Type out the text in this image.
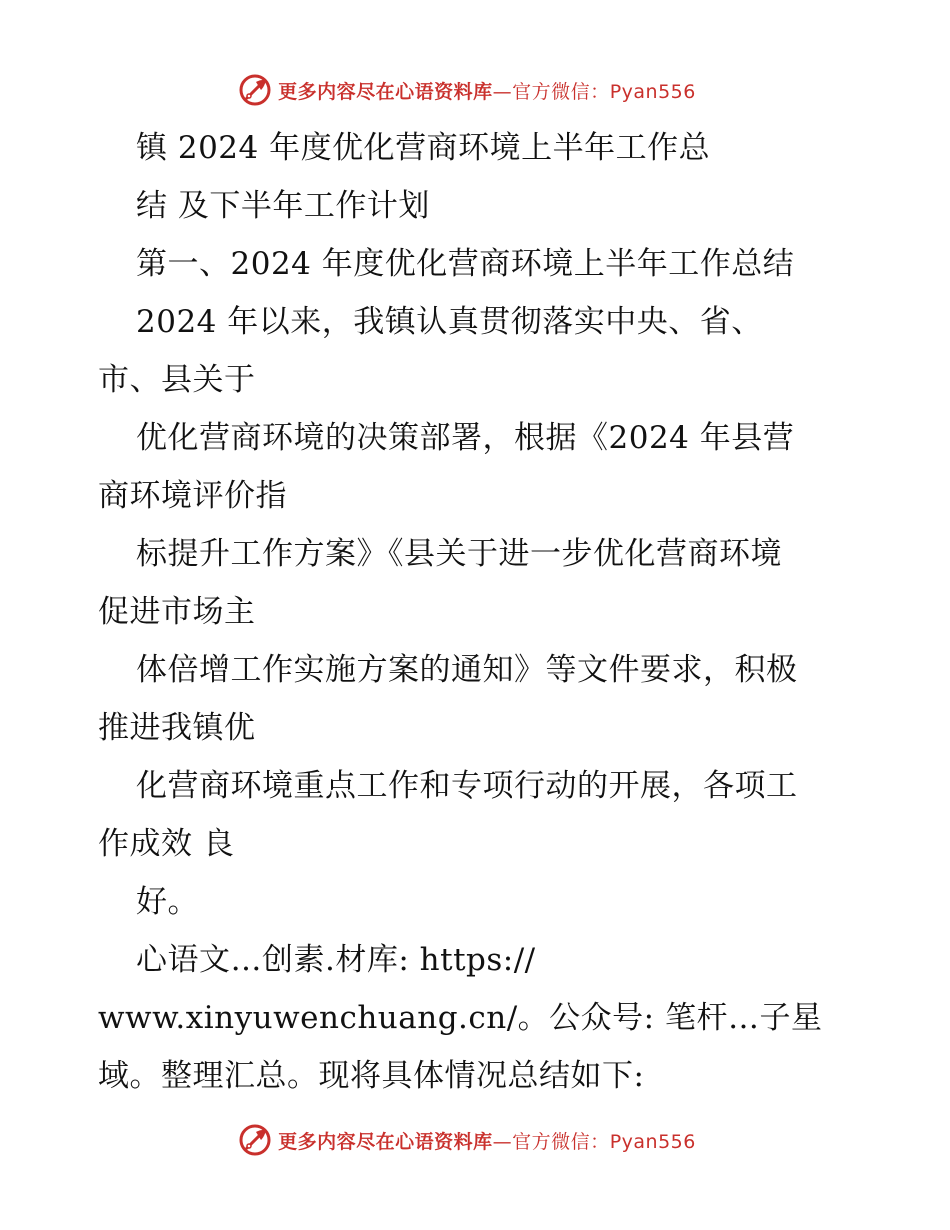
更多内容尽在心语资料库—官方微信：Pyan556
镇 2024 年度优化营商环境上半年工作总
结 及下半年工作计划
第一、2024 年度优化营商环境上半年工作总结
2024 年以来，我镇认真贯彻落实中央、省、
市、县关于
优化营商环境的决策部署，根据《2024 年县营
商环境评价指
标提升工作方案》《县关于进一步优化营商环境
促进市场主
体倍增工作实施方案的通知》等文件要求，积极
推进我镇优
化营商环境重点工作和专项行动的开展，各项工
作成效 良
好。
心语文…创素.材库: https://
www.xinyuwenchuang.cn/。公众号: 笔杆…子星
域。整理汇总。现将具体情况总结如下:
更多内容尽在心语资料库—官方微信：Pyan556
